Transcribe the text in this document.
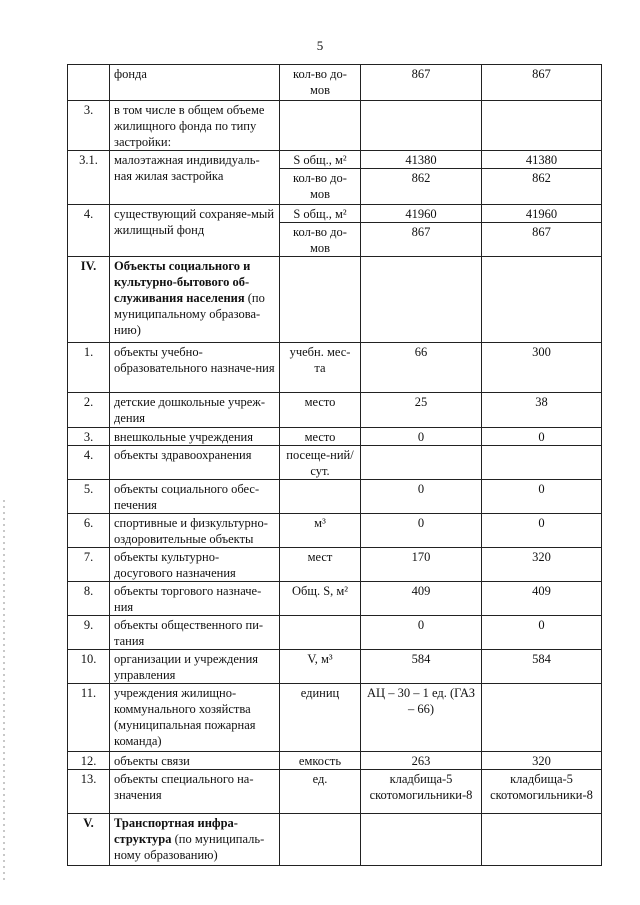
5
	фонда	кол-во до-мов	867	867
3.	в том числе в общем объеме жилищного фонда по типу застройки:			
3.1.	малоэтажная индивидуаль-ная жилая застройка	S общ., м²	41380	41380
		кол-во до-мов	862	862
4.	существующий сохраняе-мый жилищный фонд	S общ., м²	41960	41960
		кол-во до-мов	867	867
IV.	Объекты социального и культурно-бытового об-служивания населения (по муниципальному образова-нию)			
1.	объекты учебно-образовательного назначе-ния	учебн. мес-та	66	300
2.	детские дошкольные учреж-дения	место	25	38
3.	внешкольные учреждения	место	0	0
4.	объекты здравоохранения	посеще-ний/сут.		
5.	объекты социального обес-печения		0	0
6.	спортивные и физкультурно-оздоровительные объекты	м³	0	0
7.	объекты культурно-досугового назначения	мест	170	320
8.	объекты торгового назначе-ния	Общ. S, м²	409	409
9.	объекты общественного пи-тания		0	0
10.	организации и учреждения управления	V, м³	584	584
11.	учреждения жилищно-коммунального хозяйства (муниципальная пожарная команда)	единиц	АЦ – 30 – 1 ед. (ГАЗ – 66)	
12.	объекты связи	емкость	263	320
13.	объекты специального на-значения	ед.	кладбища-5 скотомогильники-8	кладбища-5 скотомогильники-8
V.	Транспортная инфра-структура (по муниципаль-ному образованию)			
